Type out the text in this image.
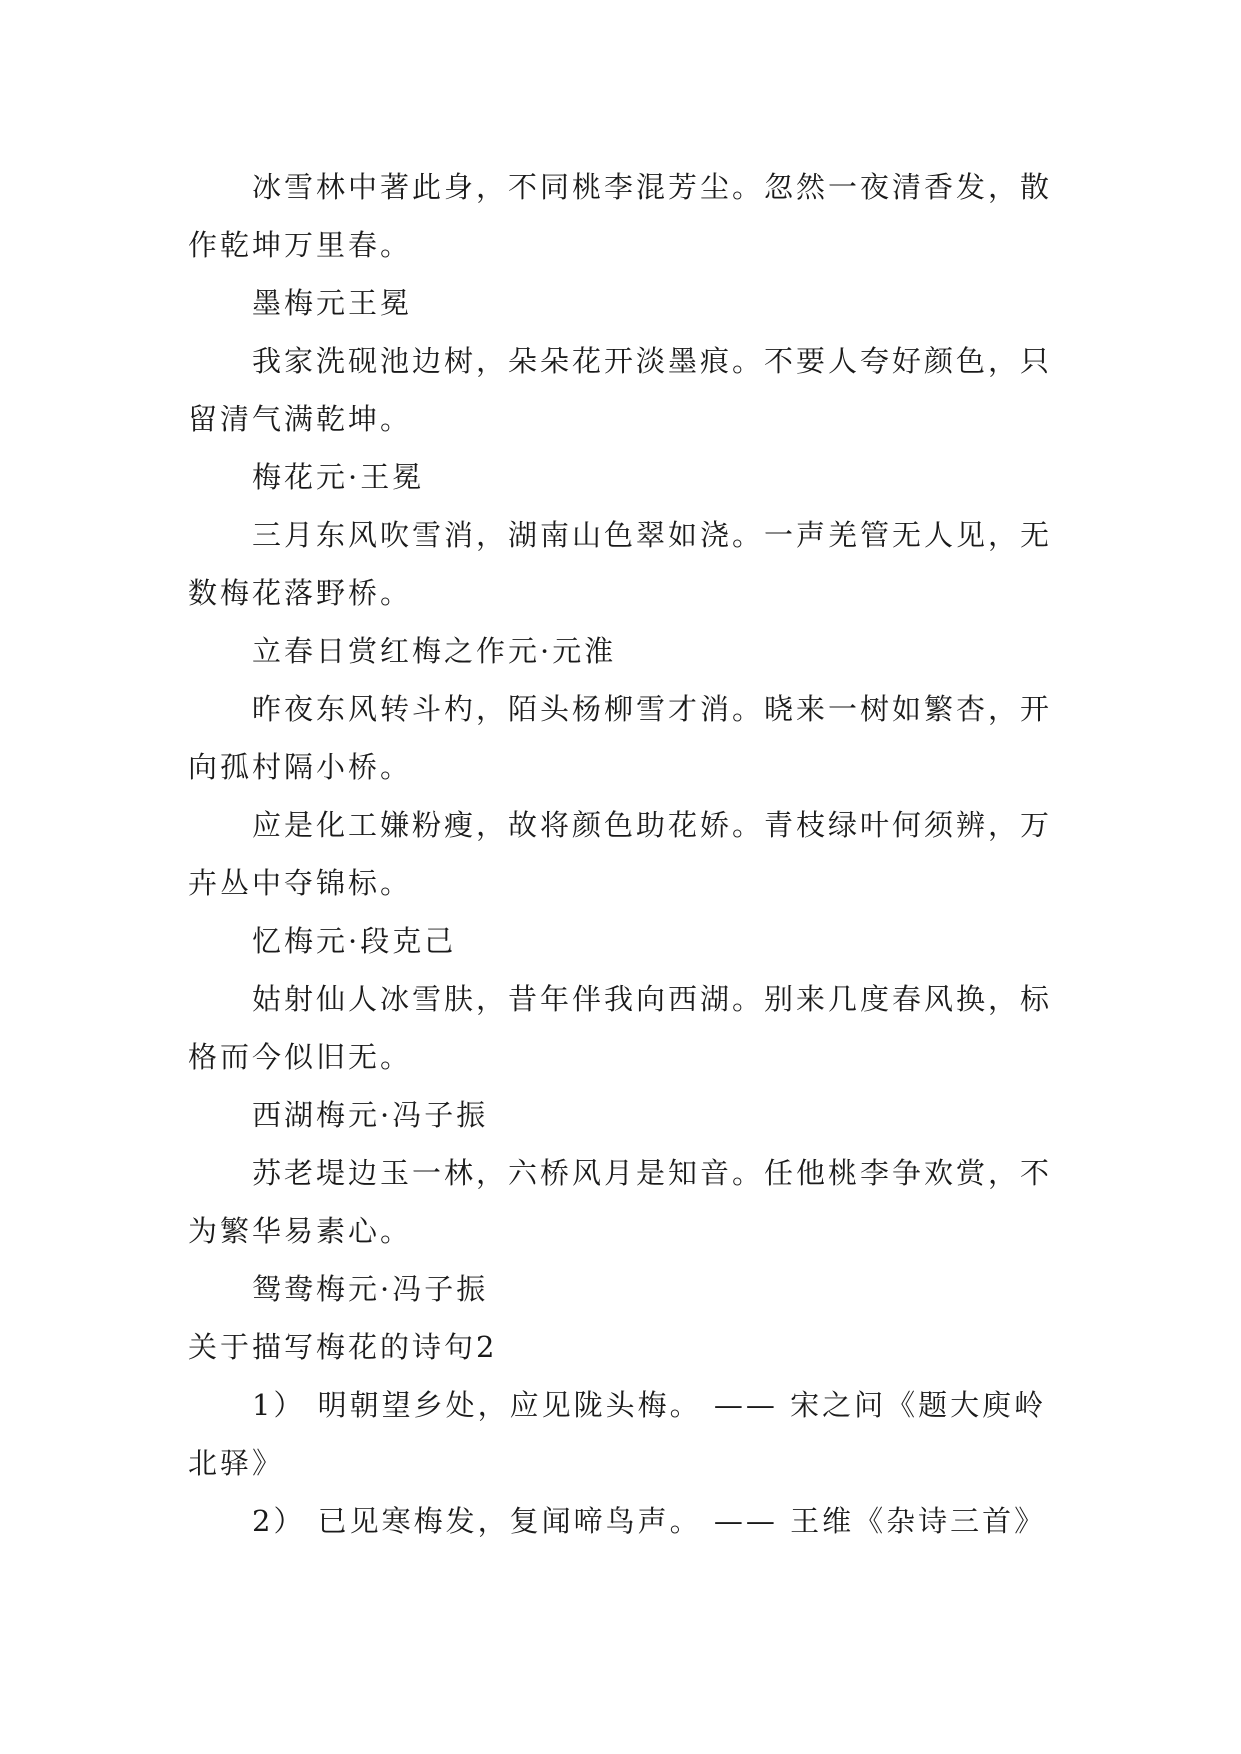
冰雪林中著此身，不同桃李混芳尘。忽然一夜清香发，散作乾坤万里春。

墨梅元王冕

我家洗砚池边树，朵朵花开淡墨痕。不要人夸好颜色，只留清气满乾坤。

梅花元·王冕

三月东风吹雪消，湖南山色翠如浇。一声羌管无人见，无数梅花落野桥。

立春日赏红梅之作元·元淮

昨夜东风转斗杓，陌头杨柳雪才消。晓来一树如繁杏，开向孤村隔小桥。

应是化工嫌粉瘦，故将颜色助花娇。青枝绿叶何须辨，万卉丛中夺锦标。

忆梅元·段克己

姑射仙人冰雪肤，昔年伴我向西湖。别来几度春风换，标格而今似旧无。

西湖梅元·冯子振

苏老堤边玉一林，六桥风月是知音。任他桃李争欢赏，不为繁华易素心。

鸳鸯梅元·冯子振

关于描写梅花的诗句2

1） 明朝望乡处，应见陇头梅。 —— 宋之问《题大庾岭北驿》

2） 已见寒梅发，复闻啼鸟声。 —— 王维《杂诗三首》
